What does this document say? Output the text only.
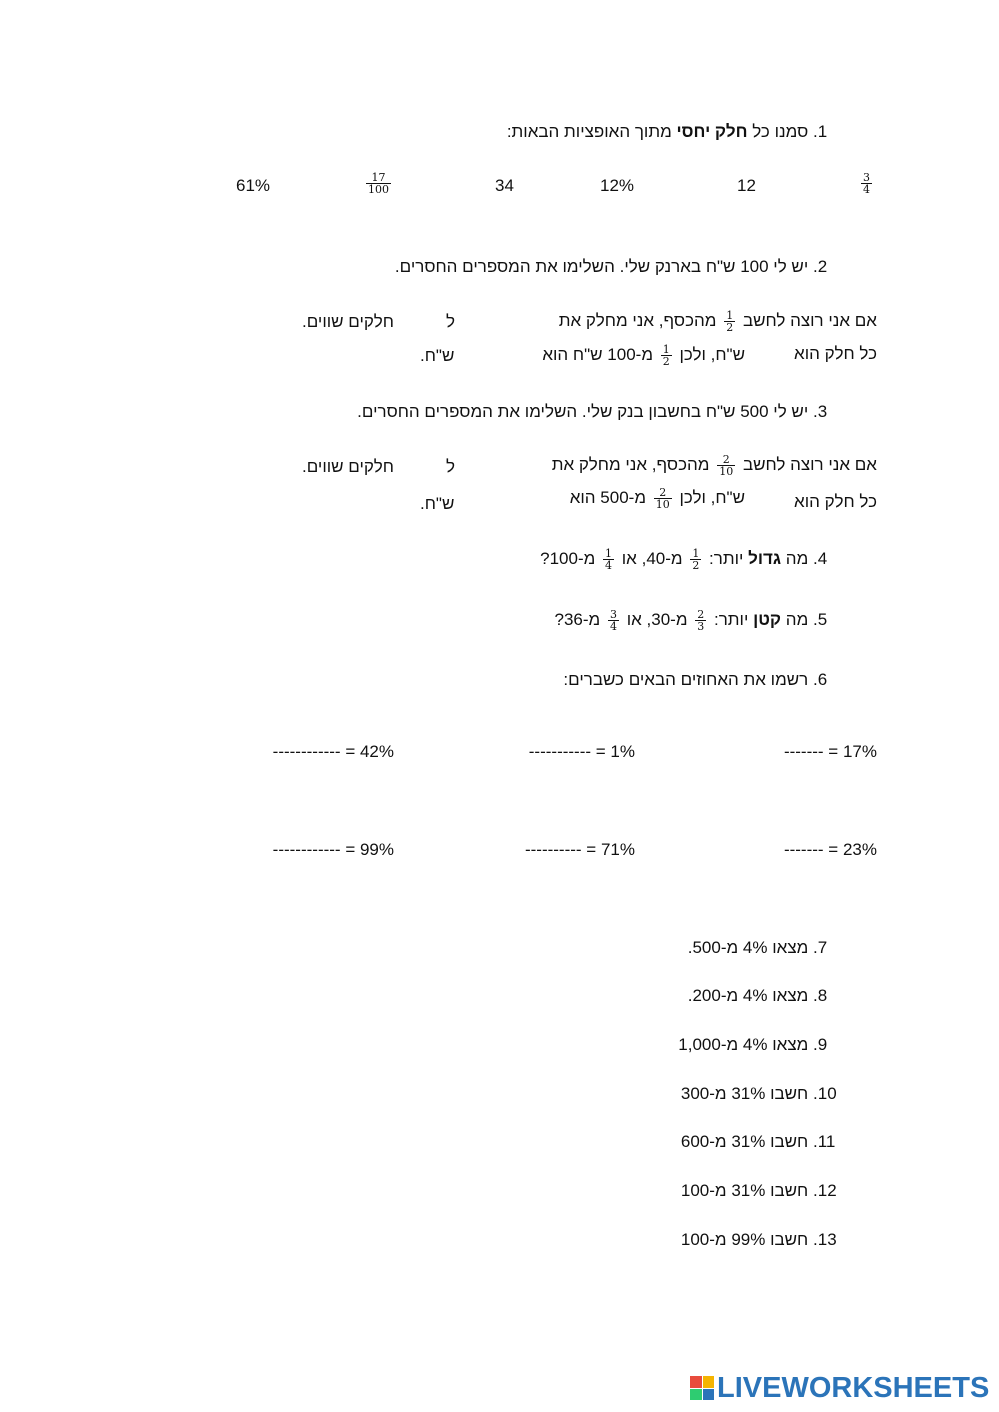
1. סמנו כל חלק יחסי מתוך האופציות הבאות:
$\frac{3}{4}$
12
12%
34
$\frac{17}{100}$
61%
2. יש לי 100 ש"ח בארנק שלי. השלימו את המספרים החסרים.
אם אני רוצה לחשב
$\frac{1}{2}$
מהכסף, אני מחלק את
ל
חלקים שווים.
כל חלק הוא
ש"ח, ולכן
$\frac{1}{2}$
מ-100 ש"ח הוא
ש"ח.
3. יש לי 500 ש"ח בחשבון בנק שלי. השלימו את המספרים החסרים.
אם אני רוצה לחשב
$\frac{2}{10}$
מהכסף, אני מחלק את
ל
חלקים שווים.
כל חלק הוא
ש"ח, ולכן
$\frac{2}{10}$
מ-500 הוא
ש"ח.
4. מה גדול יותר:
$\frac{1}{2}$
מ-40, או
$\frac{1}{4}$
מ-100?
5. מה קטן יותר:
$\frac{2}{3}$
מ-30, או
$\frac{3}{4}$
מ-36?
6. רשמו את האחוזים הבאים כשברים:
17% = -------
1% = -----------
42% = ------------
23% = -------
71% = ----------
99% = ------------
7. מצאו 4% מ-500.
8. מצאו 4% מ-200.
9. מצאו 4% מ-1,000
10. חשבו 31% מ-300
11. חשבו 31% מ-600
12. חשבו 31% מ-100
13. חשבו 99% מ-100
LIVEWORKSHEETS
